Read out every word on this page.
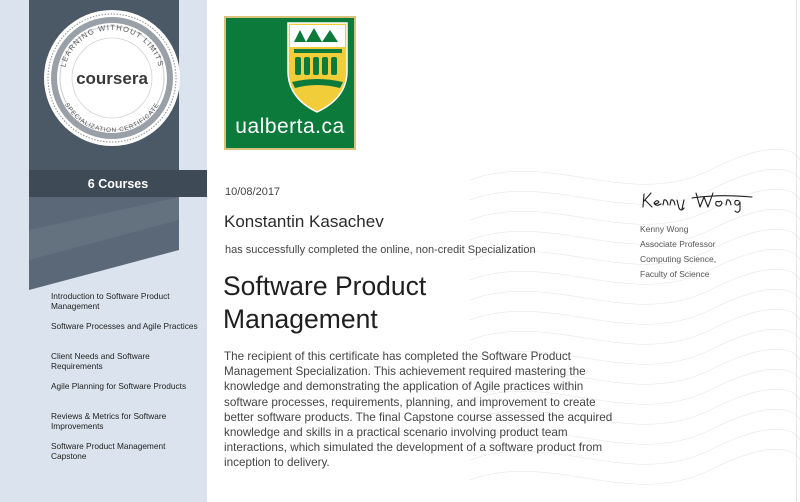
LEARNING WITHOUT LIMITS
SPECIALIZATION CERTIFICATE
coursera
6 Courses
Introduction to Software Product Management
Software Processes and Agile Practices
Client Needs and Software Requirements
Agile Planning for Software Products
Reviews & Metrics for Software Improvements
Software Product Management Capstone
ualberta.ca
10/08/2017
Konstantin Kasachev
has successfully completed the online, non-credit Specialization
Software Product Management

The recipient of this certificate has completed the Software Product Management Specialization. This achievement required mastering the knowledge and demonstrating the application of Agile practices within software processes, requirements, planning, and improvement to create better software products. The final Capstone course assessed the acquired knowledge and skills in a practical scenario involving product team interactions, which simulated the development of a software product from inception to delivery.

Kenny Wong
Associate Professor
Computing Science,
Faculty of Science
